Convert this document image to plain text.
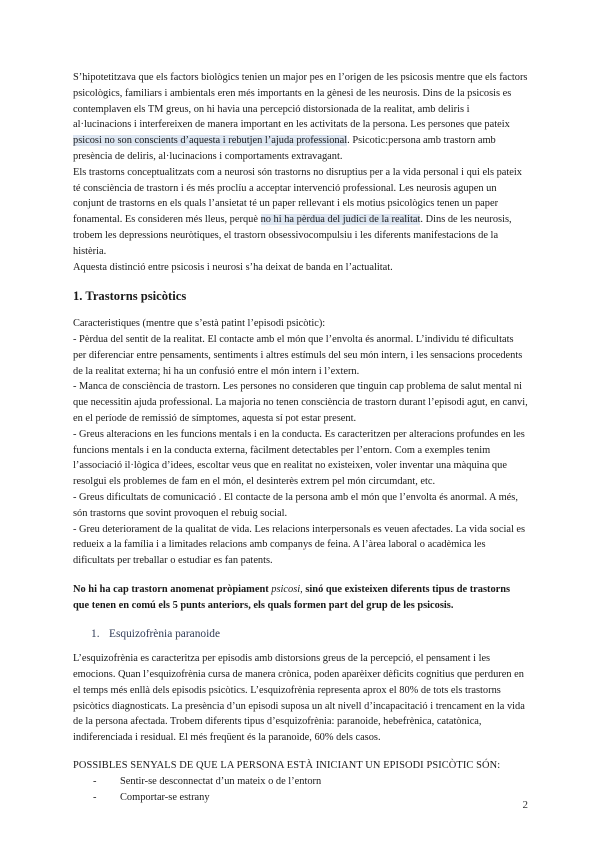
S’hipotetitzava que els factors biològics tenien un major pes en l’origen de les psicosis mentre que els factors psicològics, familiars i ambientals eren més importants en la gènesi de les neurosis. Dins de la psicosis es contemplaven els TM greus, on hi havia una percepció distorsionada de la realitat, amb deliris i al·lucinacions i interfereixen de manera important en les activitats de la persona. Les persones que pateix psicosi no son conscients d’aquesta i rebutjen l’ajuda professional. Psicotic:persona amb trastorn amb presència de deliris, al·lucinacions i comportaments extravagant.

Els trastorns conceptualitzats com a neurosi són trastorns no disruptius per a la vida personal i qui els pateix té consciència de trastorn i és més proclíu a acceptar intervenció professional. Les neurosis agupen un conjunt de trastorns en els quals l’ansietat té un paper rellevant i els motius psicològics tenen un paper fonamental. Es consideren més lleus, perquè no hi ha pèrdua del judici de la realitat. Dins de les neurosis, trobem les depressions neuròtiques, el trastorn obsessivocompulsiu i les diferents manifestacions de la histèria.

Aquesta distinció entre psicosis i neurosi s’ha deixat de banda en l’actualitat.

1. Trastorns psicòtics

Caracteristiques (mentre que s’està patint l’episodi psicòtic):

- Pèrdua del sentit de la realitat. El contacte amb el món que l’envolta és anormal. L’individu té dificultats per diferenciar entre pensaments, sentiments i altres estímuls del seu món intern, i les sensacions procedents de la realitat externa; hi ha un confusió entre el món intern i l’extern.

- Manca de consciència de trastorn. Les persones no consideren que tinguin cap problema de salut mental ni que necessitin ajuda professional. La majoria no tenen consciència de trastorn durant l’episodi agut, en canvi, en el període de remissió de símptomes, aquesta sí pot estar present.

- Greus alteracions en les funcions mentals i en la conducta. Es caracteritzen per alteracions profundes en les funcions mentals i en la conducta externa, fàcilment detectables per l’entorn. Com a exemples tenim l’associació il·lògica d’idees, escoltar veus que en realitat no existeixen, voler inventar una màquina que resolgui els problemes de fam en el món, el desinterès extrem pel món circumdant, etc.

- Greus dificultats de comunicació . El contacte de la persona amb el món que l’envolta és anormal. A més, són trastorns que sovint provoquen el rebuig social.

- Greu deteriorament de la qualitat de vida. Les relacions interpersonals es veuen afectades. La vida social es redueix a la família i a limitades relacions amb companys de feina. A l’àrea laboral o acadèmica les dificultats per treballar o estudiar es fan patents.

No hi ha cap trastorn anomenat pròpiament psicosi, sinó que existeixen diferents tipus de trastorns que tenen en comú els 5 punts anteriors, els quals formen part del grup de les psicosis.

1. Esquizofrènia paranoide

L’esquizofrènia es caracteritza per episodis amb distorsions greus de la percepció, el pensament i les emocions. Quan l’esquizofrènia cursa de manera crònica, poden aparèixer dèficits cognitius que perduren en el temps més enllà dels episodis psicòtics. L’esquizofrènia representa aprox el 80% de tots els trastorns psicòtics diagnosticats. La presència d’un episodi suposa un alt nivell d’incapacitació i trencament en la vida de la persona afectada. Trobem diferents tipus d’esquizofrènia: paranoide, hebefrènica, catatònica, indiferenciada i residual. El més freqüent és la paranoide, 60% dels casos.

POSSIBLES SENYALS DE QUE LA PERSONA ESTÀ INICIANT UN EPISODI PSICÒTIC SÓN:

- Sentir-se desconnectat d’un mateix o de l’entorn
- Comportar-se estrany
2
